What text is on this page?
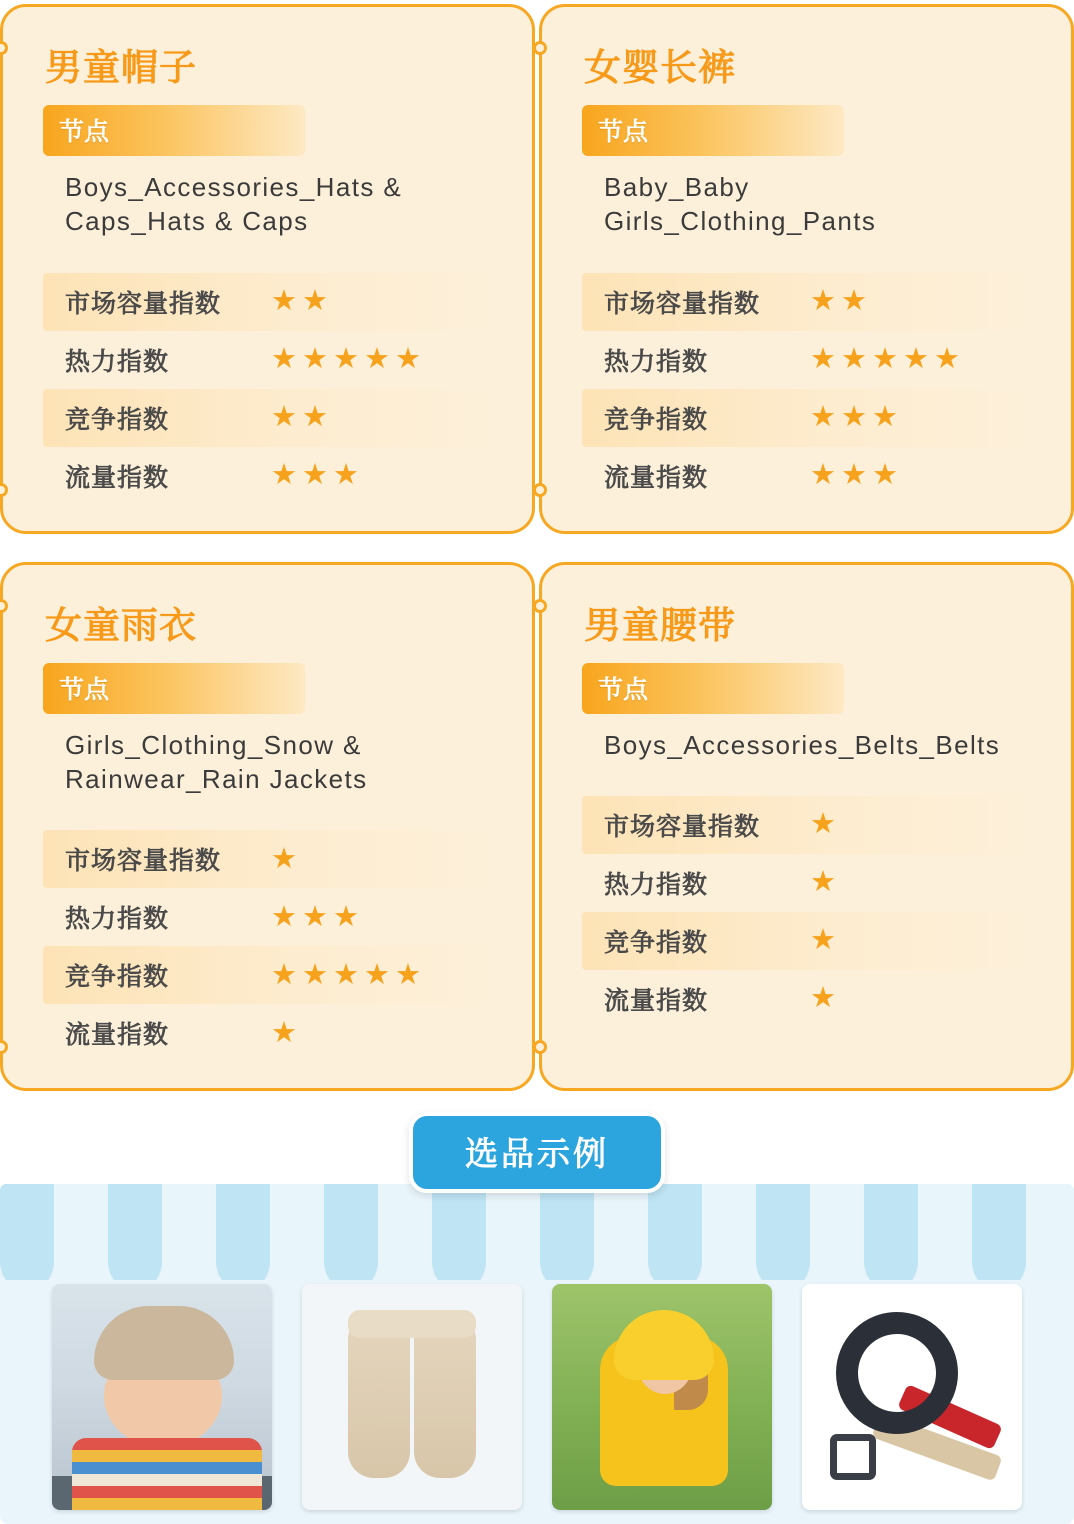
男童帽子
节点
Boys_Accessories_Hats & Caps_Hats & Caps
市场容量指数	★★
热力指数	★★★★★
竞争指数	★★
流量指数	★★★
女婴长裤
节点
Baby_Baby Girls_Clothing_Pants
市场容量指数	★★
热力指数	★★★★★
竞争指数	★★★
流量指数	★★★
女童雨衣
节点
Girls_Clothing_Snow & Rainwear_Rain Jackets
市场容量指数	★
热力指数	★★★
竞争指数	★★★★★
流量指数	★
男童腰带
节点
Boys_Accessories_Belts_Belts
市场容量指数	★
热力指数	★
竞争指数	★
流量指数	★
选品示例
